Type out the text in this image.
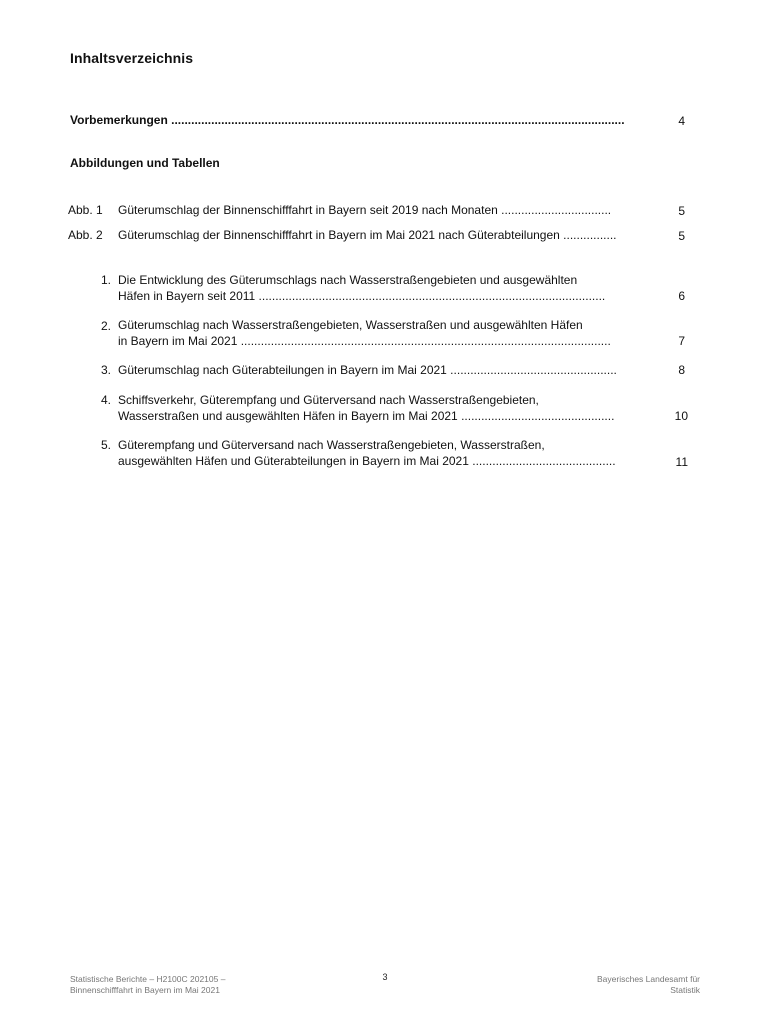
Inhaltsverzeichnis
Vorbemerkungen ........................................................................................................................................	4
Abbildungen und Tabellen
Abb. 1 Güterumschlag der Binnenschifffahrt in Bayern seit 2019 nach Monaten .................................	5
Abb. 2 Güterumschlag der Binnenschifffahrt in Bayern im Mai 2021 nach Güterabteilungen ................	5
1. Die Entwicklung des Güterumschlags nach Wasserstraßengebieten und ausgewählten
Häfen in Bayern seit 2011 ........................................................................................................	6
2. Güterumschlag nach Wasserstraßengebieten, Wasserstraßen und ausgewählten Häfen
in Bayern im Mai 2021 ...............................................................................................................	7
3. Güterumschlag nach Güterabteilungen in Bayern im Mai 2021 ..................................................	8
4. Schiffsverkehr, Güterempfang und Güterversand nach Wasserstraßengebieten,
Wasserstraßen und ausgewählten Häfen in Bayern im Mai 2021 ..............................................	10
5. Güterempfang und Güterversand nach Wasserstraßengebieten, Wasserstraßen,
ausgewählten Häfen und Güterabteilungen in Bayern im Mai 2021 ...........................................	11
Statistische Berichte – H2100C 202105 –
Binnenschifffahrt in Bayern im Mai 2021
3	Bayerisches Landesamt für
Statistik
